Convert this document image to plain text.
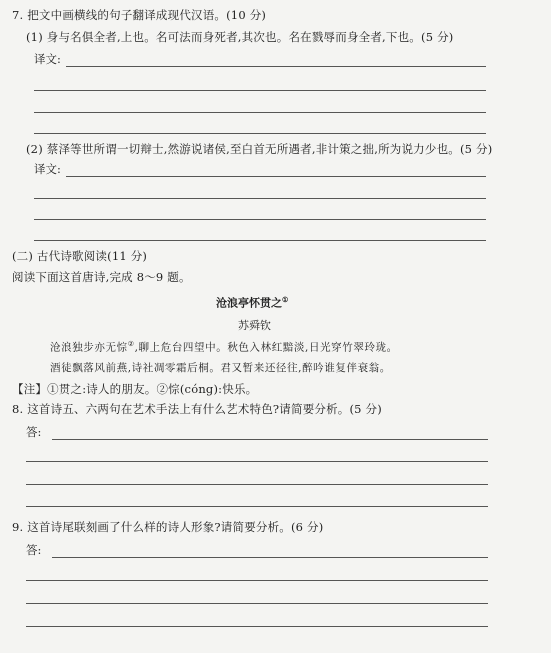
7. 把文中画横线的句子翻译成现代汉语。(10 分)
(1) 身与名俱全者,上也。名可法而身死者,其次也。名在戮辱而身全者,下也。(5 分)
译文:
(2) 蔡泽等世所谓一切辩士,然游说诸侯,至白首无所遇者,非计策之拙,所为说力少也。(5 分)
译文:
(二) 古代诗歌阅读(11 分)
阅读下面这首唐诗,完成 8～9 题。
沧浪亭怀贯之①
苏舜钦
沧浪独步亦无悰②,聊上危台四望中。秋色入林红黯淡,日光穿竹翠玲珑。
酒徒飘落风前燕,诗社凋零霜后桐。君又暂来还径往,醉吟谁复伴衰翁。
【注】①贯之:诗人的朋友。②悰(cóng):快乐。
8. 这首诗五、六两句在艺术手法上有什么艺术特色?请简要分析。(5 分)
答:
9. 这首诗尾联刻画了什么样的诗人形象?请简要分析。(6 分)
答:
